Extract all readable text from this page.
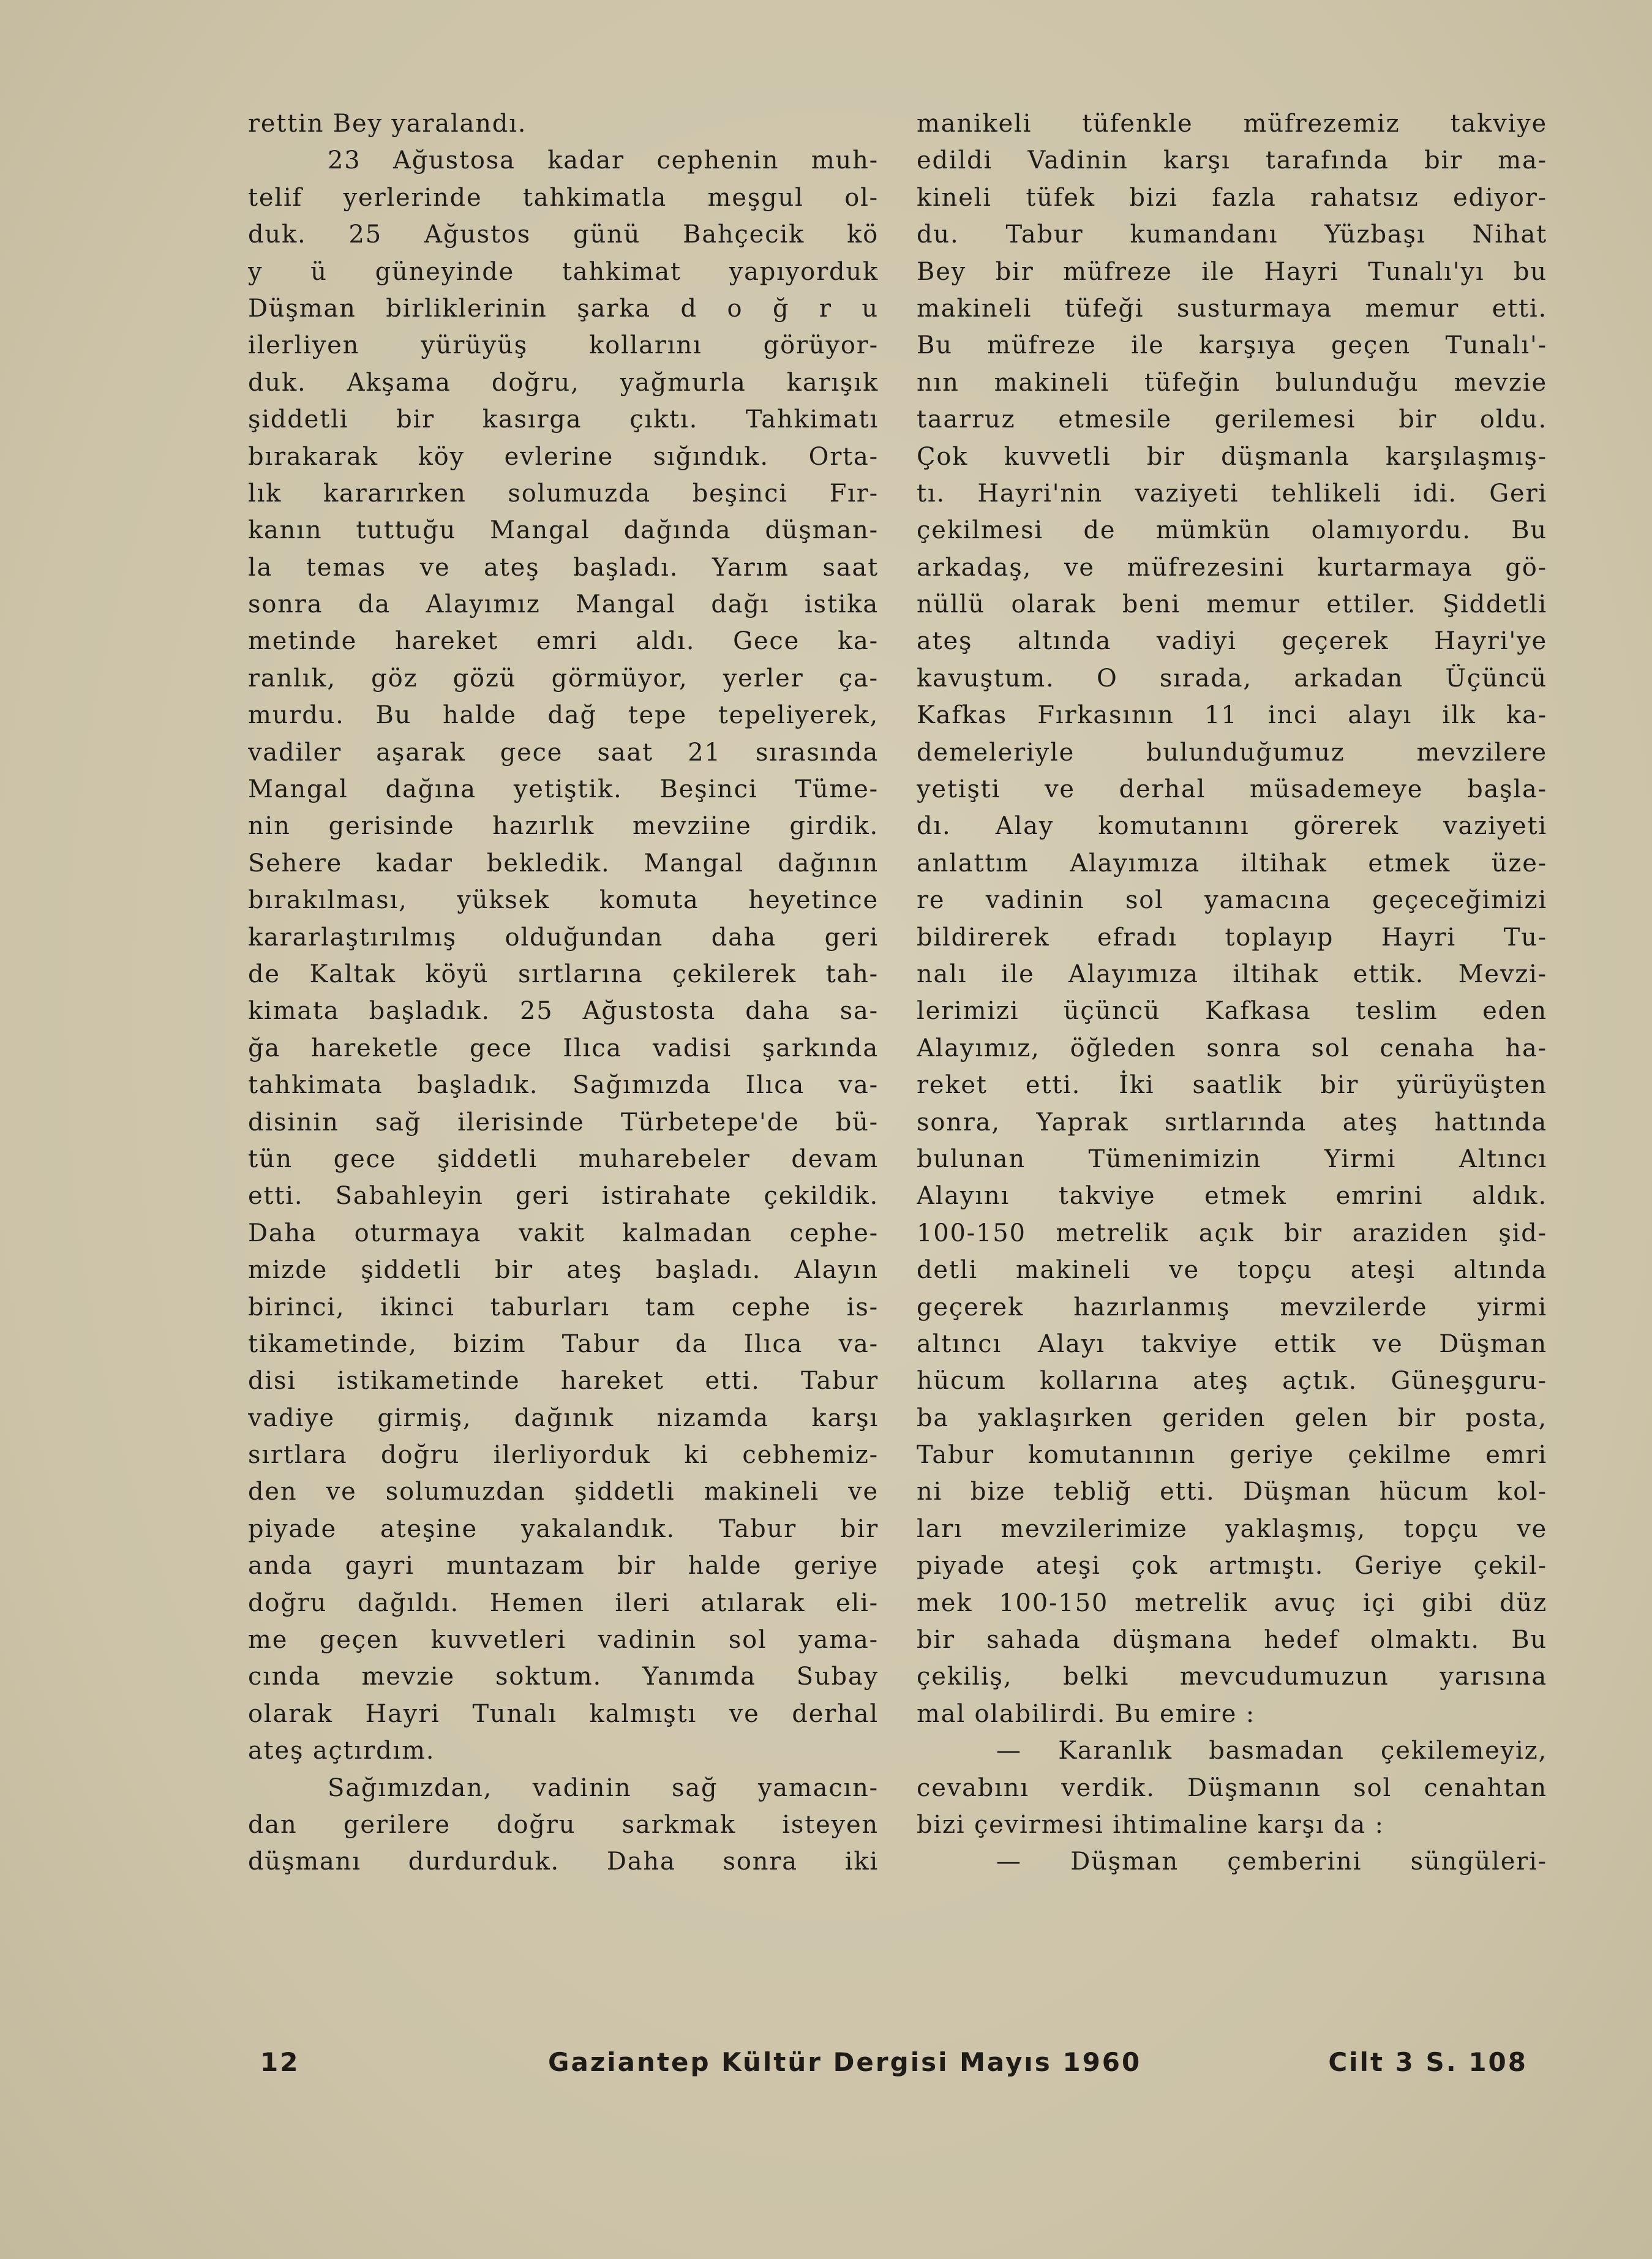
rettin Bey yaralandı.
23 Ağustosa kadar cephenin muh-
telif yerlerinde tahkimatla meşgul ol-
duk. 25 Ağustos günü Bahçecik kö
y ü güneyinde tahkimat yapıyorduk
Düşman birliklerinin şarka d o ğ r u
ilerliyen yürüyüş kollarını görüyor-
duk. Akşama doğru, yağmurla karışık
şiddetli bir kasırga çıktı. Tahkimatı
bırakarak köy evlerine sığındık. Orta-
lık kararırken solumuzda beşinci Fır-
kanın tuttuğu Mangal dağında düşman-
la temas ve ateş başladı. Yarım saat
sonra da Alayımız Mangal dağı istika
metinde hareket emri aldı. Gece ka-
ranlık, göz gözü görmüyor, yerler ça-
murdu. Bu halde dağ tepe tepeliyerek,
vadiler aşarak gece saat 21 sırasında
Mangal dağına yetiştik. Beşinci Tüme-
nin gerisinde hazırlık mevziine girdik.
Sehere kadar bekledik. Mangal dağının
bırakılması, yüksek komuta heyetince
kararlaştırılmış olduğundan daha geri
de Kaltak köyü sırtlarına çekilerek tah-
kimata başladık. 25 Ağustosta daha sa-
ğa hareketle gece Ilıca vadisi şarkında
tahkimata başladık. Sağımızda Ilıca va-
disinin sağ ilerisinde Türbetepe'de bü-
tün gece şiddetli muharebeler devam
etti. Sabahleyin geri istirahate çekildik.
Daha oturmaya vakit kalmadan cephe-
mizde şiddetli bir ateş başladı. Alayın
birinci, ikinci taburları tam cephe is-
tikametinde, bizim Tabur da Ilıca va-
disi istikametinde hareket etti. Tabur
vadiye girmiş, dağınık nizamda karşı
sırtlara doğru ilerliyorduk ki cebhemiz-
den ve solumuzdan şiddetli makineli ve
piyade ateşine yakalandık. Tabur bir
anda gayri muntazam bir halde geriye
doğru dağıldı. Hemen ileri atılarak eli-
me geçen kuvvetleri vadinin sol yama-
cında mevzie soktum. Yanımda Subay
olarak Hayri Tunalı kalmıştı ve derhal
ateş açtırdım.
Sağımızdan, vadinin sağ yamacın-
dan gerilere doğru sarkmak isteyen
düşmanı durdurduk. Daha sonra iki
manikeli tüfenkle müfrezemiz takviye
edildi Vadinin karşı tarafında bir ma-
kineli tüfek bizi fazla rahatsız ediyor-
du. Tabur kumandanı Yüzbaşı Nihat
Bey bir müfreze ile Hayri Tunalı'yı bu
makineli tüfeği susturmaya memur etti.
Bu müfreze ile karşıya geçen Tunalı'-
nın makineli tüfeğin bulunduğu mevzie
taarruz etmesile gerilemesi bir oldu.
Çok kuvvetli bir düşmanla karşılaşmış-
tı. Hayri'nin vaziyeti tehlikeli idi. Geri
çekilmesi de mümkün olamıyordu. Bu
arkadaş, ve müfrezesini kurtarmaya gö-
nüllü olarak beni memur ettiler. Şiddetli
ateş altında vadiyi geçerek Hayri'ye
kavuştum. O sırada, arkadan Üçüncü
Kafkas Fırkasının 11 inci alayı ilk ka-
demeleriyle bulunduğumuz mevzilere
yetişti ve derhal müsademeye başla-
dı. Alay komutanını görerek vaziyeti
anlattım Alayımıza iltihak etmek üze-
re vadinin sol yamacına geçeceğimizi
bildirerek efradı toplayıp Hayri Tu-
nalı ile Alayımıza iltihak ettik. Mevzi-
lerimizi üçüncü Kafkasa teslim eden
Alayımız, öğleden sonra sol cenaha ha-
reket etti. İki saatlik bir yürüyüşten
sonra, Yaprak sırtlarında ateş hattında
bulunan Tümenimizin Yirmi Altıncı
Alayını takviye etmek emrini aldık.
100-150 metrelik açık bir araziden şid-
detli makineli ve topçu ateşi altında
geçerek hazırlanmış mevzilerde yirmi
altıncı Alayı takviye ettik ve Düşman
hücum kollarına ateş açtık. Güneşguru-
ba yaklaşırken geriden gelen bir posta,
Tabur komutanının geriye çekilme emri
ni bize tebliğ etti. Düşman hücum kol-
ları mevzilerimize yaklaşmış, topçu ve
piyade ateşi çok artmıştı. Geriye çekil-
mek 100-150 metrelik avuç içi gibi düz
bir sahada düşmana hedef olmaktı. Bu
çekiliş, belki mevcudumuzun yarısına
mal olabilirdi. Bu emire :
— Karanlık basmadan çekilemeyiz,
cevabını verdik. Düşmanın sol cenahtan
bizi çevirmesi ihtimaline karşı da :
— Düşman çemberini süngüleri-
12	Gaziantep Kültür Dergisi Mayıs 1960	Cilt 3 S. 108
